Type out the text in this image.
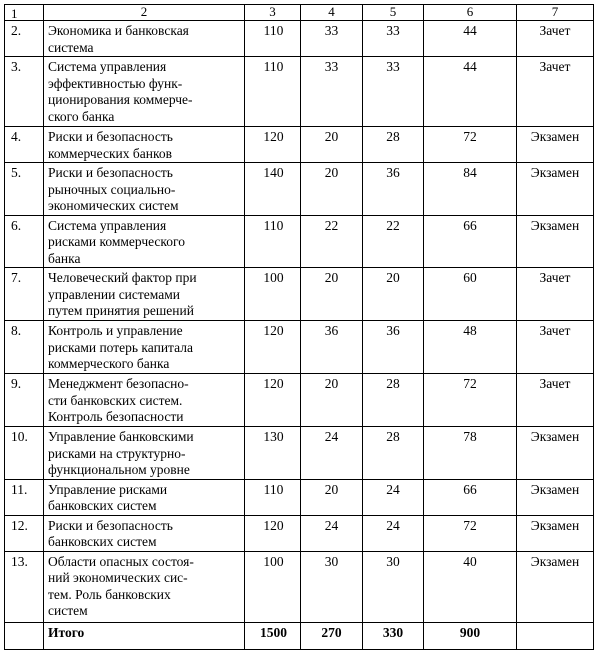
1	2	3	4	5	6	7
2.	Экономика и банковская
система	110	33	33	44	Зачет
3.	Система управления
эффективностью функ-
ционирования коммерче-
ского банка	110	33	33	44	Зачет
4.	Риски и безопасность
коммерческих банков	120	20	28	72	Экзамен
5.	Риски и безопасность
рыночных социально-
экономических систем	140	20	36	84	Экзамен
6.	Система управления
рисками коммерческого
банка	110	22	22	66	Экзамен
7.	Человеческий фактор при
управлении системами
путем принятия решений	100	20	20	60	Зачет
8.	Контроль и управление
рисками потерь капитала
коммерческого банка	120	36	36	48	Зачет
9.	Менеджмент безопасно-
сти банковских систем.
Контроль безопасности	120	20	28	72	Зачет
10.	Управление банковскими
рисками на структурно-
функциональном уровне	130	24	28	78	Экзамен
11.	Управление рисками
банковских систем	110	20	24	66	Экзамен
12.	Риски и безопасность
банковских систем	120	24	24	72	Экзамен
13.	Области опасных состоя-
ний экономических сис-
тем. Роль банковских
систем	100	30	30	40	Экзамен
	Итого	1500	270	330	900	
